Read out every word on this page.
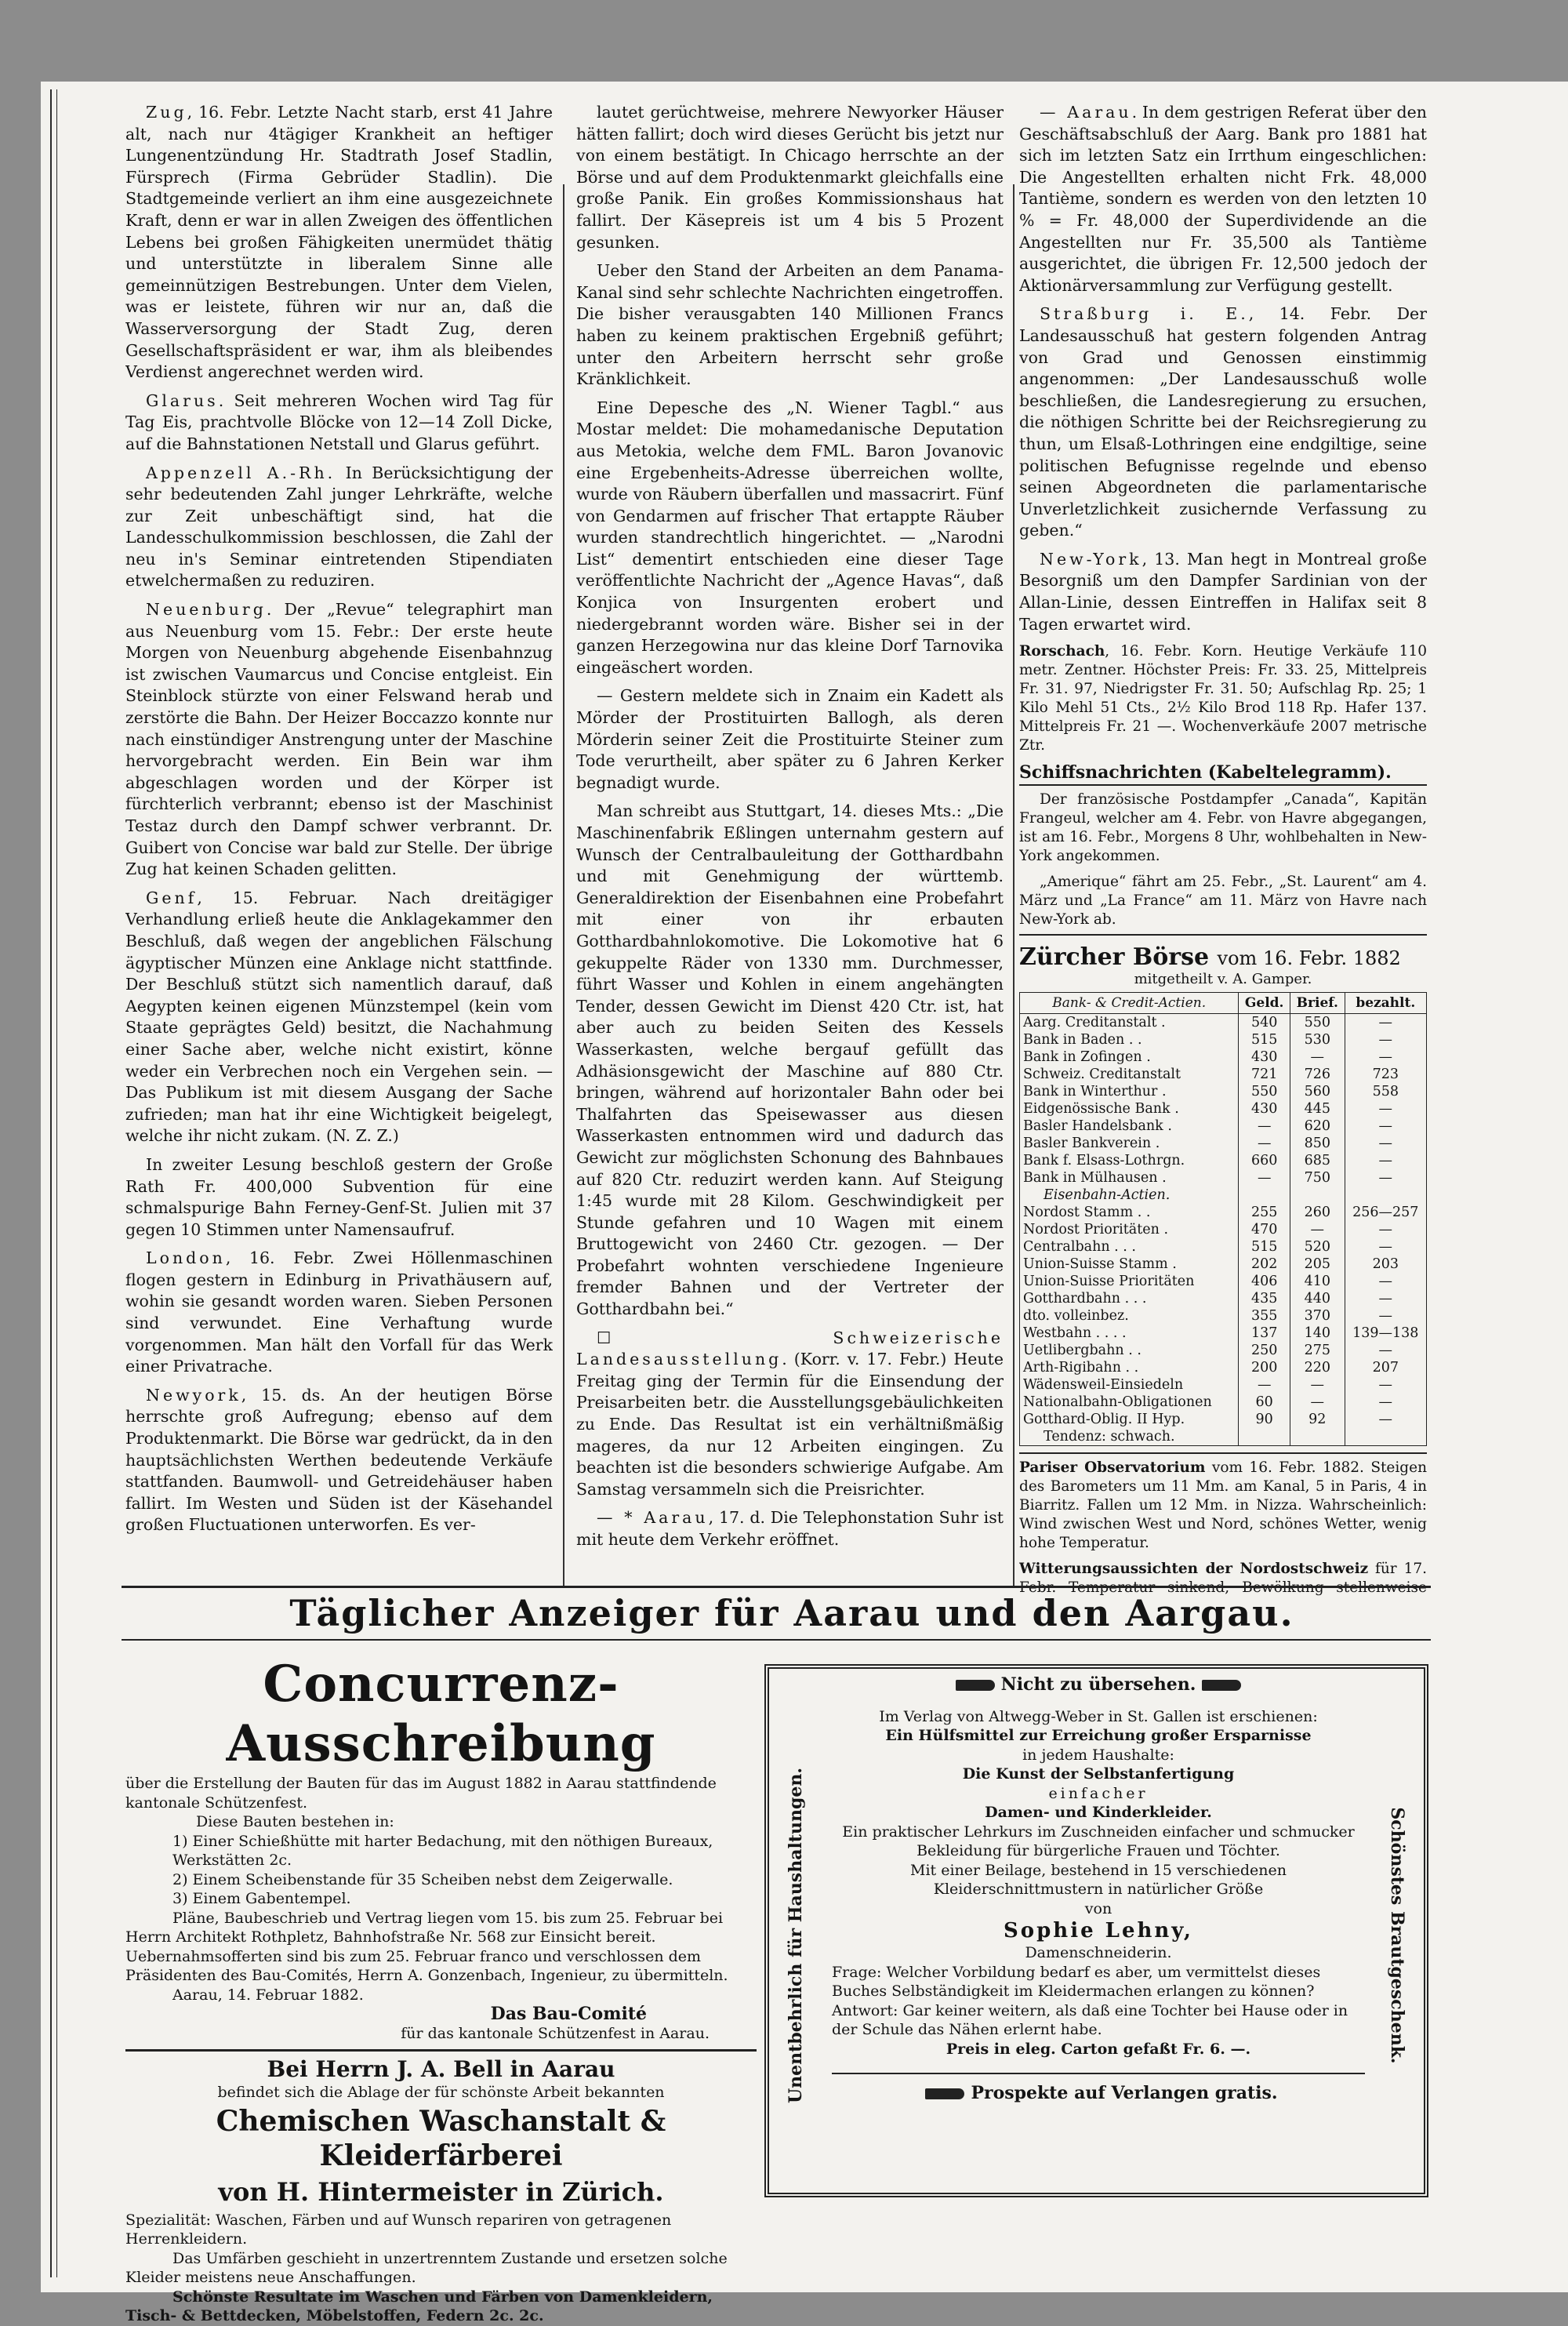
Zug, 16. Febr. Letzte Nacht starb, erst 41 Jahre alt, nach nur 4tägiger Krankheit an heftiger Lungenentzündung Hr. Stadtrath Josef Stadlin, Fürsprech (Firma Gebrüder Stadlin). Die Stadtgemeinde verliert an ihm eine ausgezeichnete Kraft, denn er war in allen Zweigen des öffentlichen Lebens bei großen Fähigkeiten unermüdet thätig und unterstützte in liberalem Sinne alle gemeinnützigen Bestrebungen. Unter dem Vielen, was er leistete, führen wir nur an, daß die Wasserversorgung der Stadt Zug, deren Gesellschaftspräsident er war, ihm als bleibendes Verdienst angerechnet werden wird.

Glarus. Seit mehreren Wochen wird Tag für Tag Eis, prachtvolle Blöcke von 12—14 Zoll Dicke, auf die Bahnstationen Netstall und Glarus geführt.

Appenzell A.-Rh. In Berücksichtigung der sehr bedeutenden Zahl junger Lehrkräfte, welche zur Zeit unbeschäftigt sind, hat die Landesschulkommission beschlossen, die Zahl der neu in's Seminar eintretenden Stipendiaten etwelchermaßen zu reduziren.

Neuenburg. Der „Revue“ telegraphirt man aus Neuenburg vom 15. Febr.: Der erste heute Morgen von Neuenburg abgehende Eisenbahnzug ist zwischen Vaumarcus und Concise entgleist. Ein Steinblock stürzte von einer Felswand herab und zerstörte die Bahn. Der Heizer Boccazzo konnte nur nach einstündiger Anstrengung unter der Maschine hervorgebracht werden. Ein Bein war ihm abgeschlagen worden und der Körper ist fürchterlich verbrannt; ebenso ist der Maschinist Testaz durch den Dampf schwer verbrannt. Dr. Guibert von Concise war bald zur Stelle. Der übrige Zug hat keinen Schaden gelitten.

Genf, 15. Februar. Nach dreitägiger Verhandlung erließ heute die Anklagekammer den Beschluß, daß wegen der angeblichen Fälschung ägyptischer Münzen eine Anklage nicht stattfinde. Der Beschluß stützt sich namentlich darauf, daß Aegypten keinen eigenen Münzstempel (kein vom Staate geprägtes Geld) besitzt, die Nachahmung einer Sache aber, welche nicht existirt, könne weder ein Verbrechen noch ein Vergehen sein. — Das Publikum ist mit diesem Ausgang der Sache zufrieden; man hat ihr eine Wichtigkeit beigelegt, welche ihr nicht zukam. (N. Z. Z.)

In zweiter Lesung beschloß gestern der Große Rath Fr. 400,000 Subvention für eine schmalspurige Bahn Ferney-Genf-St. Julien mit 37 gegen 10 Stimmen unter Namensaufruf.

London, 16. Febr. Zwei Höllenmaschinen flogen gestern in Edinburg in Privathäusern auf, wohin sie gesandt worden waren. Sieben Personen sind verwundet. Eine Verhaftung wurde vorgenommen. Man hält den Vorfall für das Werk einer Privatrache.

Newyork, 15. ds. An der heutigen Börse herrschte groß Aufregung; ebenso auf dem Produktenmarkt. Die Börse war gedrückt, da in den hauptsächlichsten Werthen bedeutende Verkäufe stattfanden. Baumwoll- und Getreidehäuser haben fallirt. Im Westen und Süden ist der Käsehandel großen Fluctuationen unterworfen. Es ver-

lautet gerüchtweise, mehrere Newyorker Häuser hätten fallirt; doch wird dieses Gerücht bis jetzt nur von einem bestätigt. In Chicago herrschte an der Börse und auf dem Produktenmarkt gleichfalls eine große Panik. Ein großes Kommissionshaus hat fallirt. Der Käsepreis ist um 4 bis 5 Prozent gesunken.

Ueber den Stand der Arbeiten an dem Panama-Kanal sind sehr schlechte Nachrichten eingetroffen. Die bisher verausgabten 140 Millionen Francs haben zu keinem praktischen Ergebniß geführt; unter den Arbeitern herrscht sehr große Kränklichkeit.

Eine Depesche des „N. Wiener Tagbl.“ aus Mostar meldet: Die mohamedanische Deputation aus Metokia, welche dem FML. Baron Jovanovic eine Ergebenheits-Adresse überreichen wollte, wurde von Räubern überfallen und massacrirt. Fünf von Gendarmen auf frischer That ertappte Räuber wurden standrechtlich hingerichtet. — „Narodni List“ dementirt entschieden eine dieser Tage veröffentlichte Nachricht der „Agence Havas“, daß Konjica von Insurgenten erobert und niedergebrannt worden wäre. Bisher sei in der ganzen Herzegowina nur das kleine Dorf Tarnovika eingeäschert worden.

— Gestern meldete sich in Znaim ein Kadett als Mörder der Prostituirten Ballogh, als deren Mörderin seiner Zeit die Prostituirte Steiner zum Tode verurtheilt, aber später zu 6 Jahren Kerker begnadigt wurde.

Man schreibt aus Stuttgart, 14. dieses Mts.: „Die Maschinenfabrik Eßlingen unternahm gestern auf Wunsch der Centralbauleitung der Gotthardbahn und mit Genehmigung der württemb. Generaldirektion der Eisenbahnen eine Probefahrt mit einer von ihr erbauten Gotthardbahnlokomotive. Die Lokomotive hat 6 gekuppelte Räder von 1330 mm. Durchmesser, führt Wasser und Kohlen in einem angehängten Tender, dessen Gewicht im Dienst 420 Ctr. ist, hat aber auch zu beiden Seiten des Kessels Wasserkasten, welche bergauf gefüllt das Adhäsionsgewicht der Maschine auf 880 Ctr. bringen, während auf horizontaler Bahn oder bei Thalfahrten das Speisewasser aus diesen Wasserkasten entnommen wird und dadurch das Gewicht zur möglichsten Schonung des Bahnbaues auf 820 Ctr. reduzirt werden kann. Auf Steigung 1:45 wurde mit 28 Kilom. Geschwindigkeit per Stunde gefahren und 10 Wagen mit einem Bruttogewicht von 2460 Ctr. gezogen. — Der Probefahrt wohnten verschiedene Ingenieure fremder Bahnen und der Vertreter der Gotthardbahn bei.“

☐ Schweizerische Landesausstellung. (Korr. v. 17. Febr.) Heute Freitag ging der Termin für die Einsendung der Preisarbeiten betr. die Ausstellungsgebäulichkeiten zu Ende. Das Resultat ist ein verhältnißmäßig mageres, da nur 12 Arbeiten eingingen. Zu beachten ist die besonders schwierige Aufgabe. Am Samstag versammeln sich die Preisrichter.

— * Aarau, 17. d. Die Telephonstation Suhr ist mit heute dem Verkehr eröffnet.

— Aarau. In dem gestrigen Referat über den Geschäftsabschluß der Aarg. Bank pro 1881 hat sich im letzten Satz ein Irrthum eingeschlichen: Die Angestellten erhalten nicht Frk. 48,000 Tantième, sondern es werden von den letzten 10 % = Fr. 48,000 der Superdividende an die Angestellten nur Fr. 35,500 als Tantième ausgerichtet, die übrigen Fr. 12,500 jedoch der Aktionärversammlung zur Verfügung gestellt.

Straßburg i. E., 14. Febr. Der Landesausschuß hat gestern folgenden Antrag von Grad und Genossen einstimmig angenommen: „Der Landesausschuß wolle beschließen, die Landesregierung zu ersuchen, die nöthigen Schritte bei der Reichsregierung zu thun, um Elsaß-Lothringen eine endgiltige, seine politischen Befugnisse regelnde und ebenso seinen Abgeordneten die parlamentarische Unverletzlichkeit zusichernde Verfassung zu geben.“

New-York, 13. Man hegt in Montreal große Besorgniß um den Dampfer Sardinian von der Allan-Linie, dessen Eintreffen in Halifax seit 8 Tagen erwartet wird.

Rorschach, 16. Febr. Korn. Heutige Verkäufe 110 metr. Zentner. Höchster Preis: Fr. 33. 25, Mittelpreis Fr. 31. 97, Niedrigster Fr. 31. 50; Aufschlag Rp. 25; 1 Kilo Mehl 51 Cts., 2½ Kilo Brod 118 Rp. Hafer 137. Mittelpreis Fr. 21 —. Wochenverkäufe 2007 metrische Ztr.

Schiffsnachrichten (Kabeltelegramm).

Der französische Postdampfer „Canada“, Kapitän Frangeul, welcher am 4. Febr. von Havre abgegangen, ist am 16. Febr., Morgens 8 Uhr, wohlbehalten in New-York angekommen.

„Amerique“ fährt am 25. Febr., „St. Laurent“ am 4. März und „La France“ am 11. März von Havre nach New-York ab.

Zürcher Börse vom 16. Febr. 1882
mitgetheilt v. A. Gamper.
Bank- & Credit-Actien.	Geld.	Brief.	bezahlt.
Aarg. Creditanstalt .	540	550	—
Bank in Baden . .	515	530	—
Bank in Zofingen .	430	—	—
Schweiz. Creditanstalt	721	726	723
Bank in Winterthur .	550	560	558
Eidgenössische Bank .	430	445	—
Basler Handelsbank .	—	620	—
Basler Bankverein .	—	850	—
Bank f. Elsass-Lothrgn.	660	685	—
Bank in Mülhausen .	—	750	—
Eisenbahn-Actien.			
Nordost Stamm . .	255	260	256—257
Nordost Prioritäten .	470	—	—
Centralbahn . . .	515	520	—
Union-Suisse Stamm .	202	205	203
Union-Suisse Prioritäten	406	410	—
Gotthardbahn . . .	435	440	—
dto. volleinbez.	355	370	—
Westbahn . . . .	137	140	139—138
Uetlibergbahn . .	250	275	—
Arth-Rigibahn . .	200	220	207
Wädensweil-Einsiedeln	—	—	—
Nationalbahn-Obligationen	60	—	—
Gotthard-Oblig. II Hyp.	90	92	—
Tendenz: schwach.			

Pariser Observatorium vom 16. Febr. 1882. Steigen des Barometers um 11 Mm. am Kanal, 5 in Paris, 4 in Biarritz. Fallen um 12 Mm. in Nizza. Wahrscheinlich: Wind zwischen West und Nord, schönes Wetter, wenig hohe Temperatur.

Witterungsaussichten der Nordostschweiz für 17.

Täglicher Anzeiger für Aarau und den Aargau.
Concurrenz-Ausschreibung

über die Erstellung der Bauten für das im August 1882 in Aarau stattfindende kantonale Schützenfest.

Diese Bauten bestehen in:

1) Einer Schießhütte mit harter Bedachung, mit den nöthigen Bureaux, Werkstätten 2c.

2) Einem Scheibenstande für 35 Scheiben nebst dem Zeigerwalle.

3) Einem Gabentempel.

Pläne, Baubeschrieb und Vertrag liegen vom 15. bis zum 25. Februar bei Herrn Architekt Rothpletz, Bahnhofstraße Nr. 568 zur Einsicht bereit. Uebernahmsofferten sind bis zum 25. Februar franco und verschlossen dem Präsidenten des Bau-Comités, Herrn A. Gonzenbach, Ingenieur, zu übermitteln.

Aarau, 14. Februar 1882.

Das Bau-Comité

für das kantonale Schützenfest in Aarau.

Bei Herrn J. A. Bell in Aarau

befindet sich die Ablage der für schönste Arbeit bekannten

Chemischen Waschanstalt & Kleiderfärberei
von H. Hintermeister in Zürich.

Spezialität: Waschen, Färben und auf Wunsch repariren von getragenen Herrenkleidern.

Das Umfärben geschieht in unzertrenntem Zustande und ersetzen solche Kleider meistens neue Anschaffungen.

Schönste Resultate im Waschen und Färben von Damenkleidern, Tisch- & Bettdecken, Möbelstoffen, Federn 2c. 2c.

Unentbehrlich für Haushaltungen.	Schönstes Brautgeschenk.

Nicht zu übersehen.

Im Verlag von Altwegg-Weber in St. Gallen ist erschienen:

Ein Hülfsmittel zur Erreichung großer Ersparnisse

in jedem Haushalte:

Die Kunst der Selbstanfertigung

einfacher

Damen- und Kinderkleider.

Ein praktischer Lehrkurs im Zuschneiden einfacher und schmucker Bekleidung für bürgerliche Frauen und Töchter.

Mit einer Beilage, bestehend in 15 verschiedenen Kleiderschnittmustern in natürlicher Größe

von

Sophie Lehny,

Damenschneiderin.

Frage: Welcher Vorbildung bedarf es aber, um vermittelst dieses Buches Selbständigkeit im Kleidermachen erlangen zu können?

Antwort: Gar keiner weitern, als daß eine Tochter bei Hause oder in der Schule das Nähen erlernt habe.

Preis in eleg. Carton gefaßt Fr. 6. —.

Prospekte auf Verlangen gratis.
